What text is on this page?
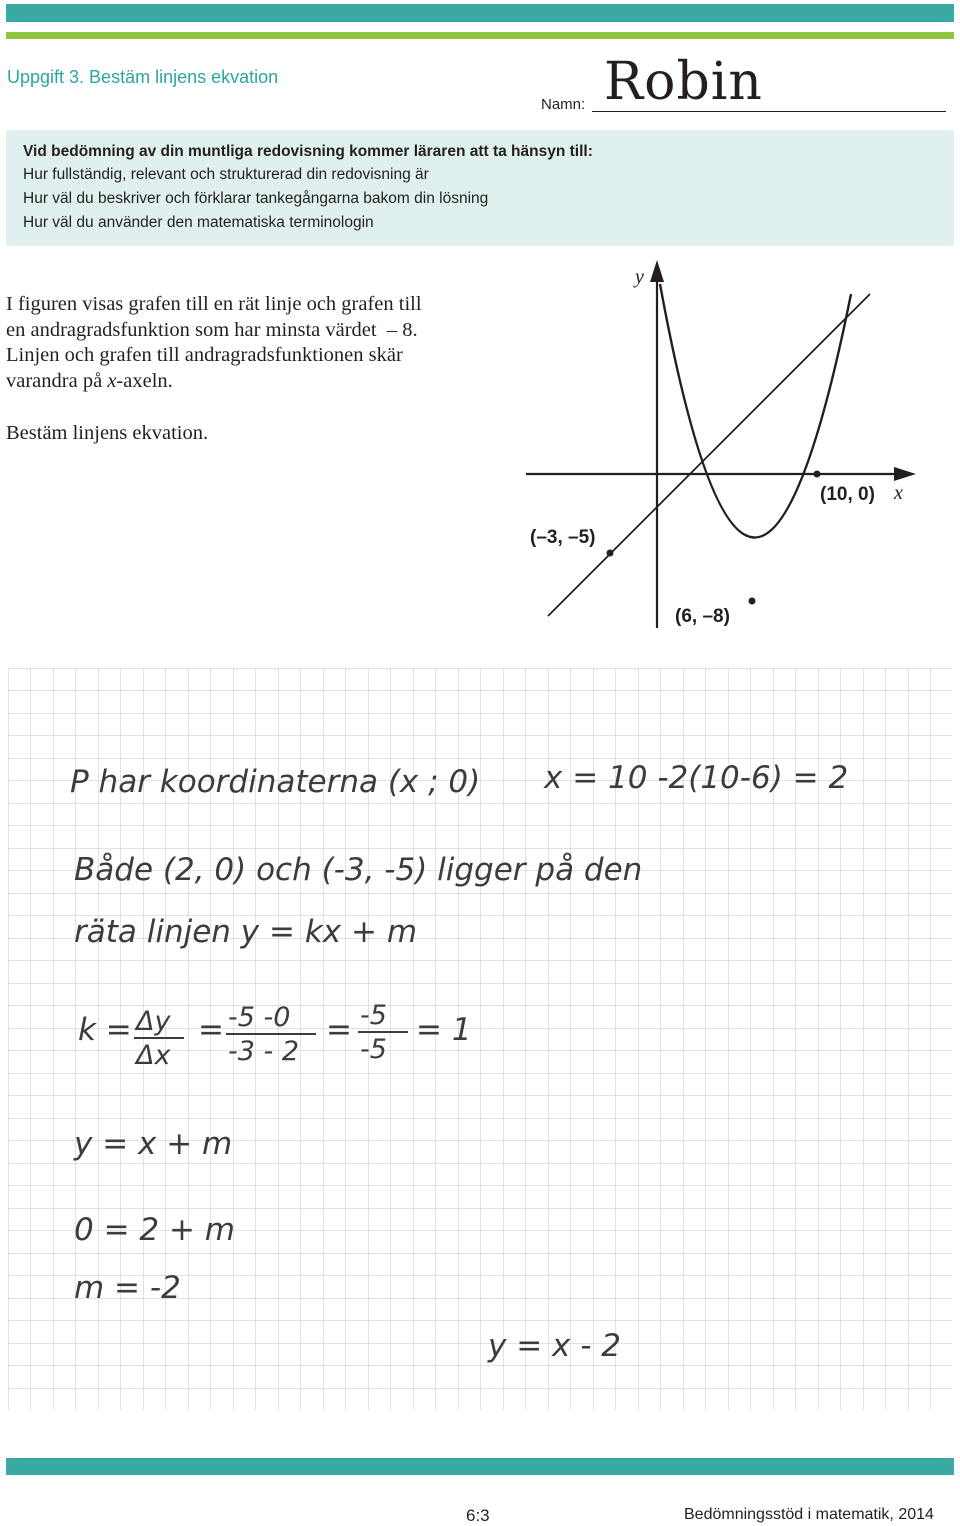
Uppgift 3. Bestäm linjens ekvation
Namn: Robin
Vid bedömning av din muntliga redovisning kommer läraren att ta hänsyn till:
Hur fullständig, relevant och strukturerad din redovisning är
Hur väl du beskriver och förklarar tankegångarna bakom din lösning
Hur väl du använder den matematiska terminologin

I figuren visas grafen till en rät linje och grafen till

en andragradsfunktion som har minsta värdet  – 8.

Linjen och grafen till andragradsfunktionen skär

varandra på x-axeln.

Bestäm linjens ekvation.

y
x
(–3, –5)
(10, 0)
(6, –8)
P har koordinaterna (x ; 0) x = 10 -2(10-6) = 2
Både (2, 0) och (-3, -5) ligger på den
räta linjen y = kx + m
k = Δy
Δx
= -5 -0
-3 - 2
= -5
-5
= 1
y = x + m
0 = 2 + m
m = -2
y = x - 2
6:3	Bedömningsstöd i matematik, 2014
